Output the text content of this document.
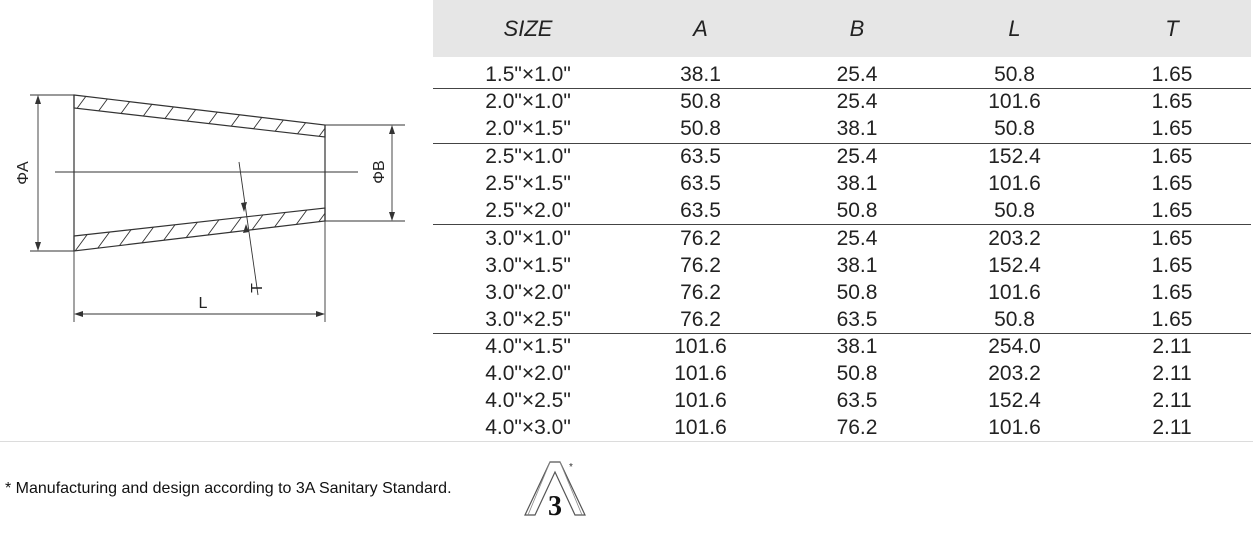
ΦA	ΦB
L
T
SIZE	A	B	L	T
1.5"×1.0"	38.1	25.4	50.8	1.65
2.0"×1.0"	50.8	25.4	101.6	1.65
2.0"×1.5"	50.8	38.1	50.8	1.65
2.5"×1.0"	63.5	25.4	152.4	1.65
2.5"×1.5"	63.5	38.1	101.6	1.65
2.5"×2.0"	63.5	50.8	50.8	1.65
3.0"×1.0"	76.2	25.4	203.2	1.65
3.0"×1.5"	76.2	38.1	152.4	1.65
3.0"×2.0"	76.2	50.8	101.6	1.65
3.0"×2.5"	76.2	63.5	50.8	1.65
4.0"×1.5"	101.6	38.1	254.0	2.11
4.0"×2.0"	101.6	50.8	203.2	2.11
4.0"×2.5"	101.6	63.5	152.4	2.11
4.0"×3.0"	101.6	76.2	101.6	2.11
* Manufacturing and design according to 3A Sanitary Standard.
3
*
